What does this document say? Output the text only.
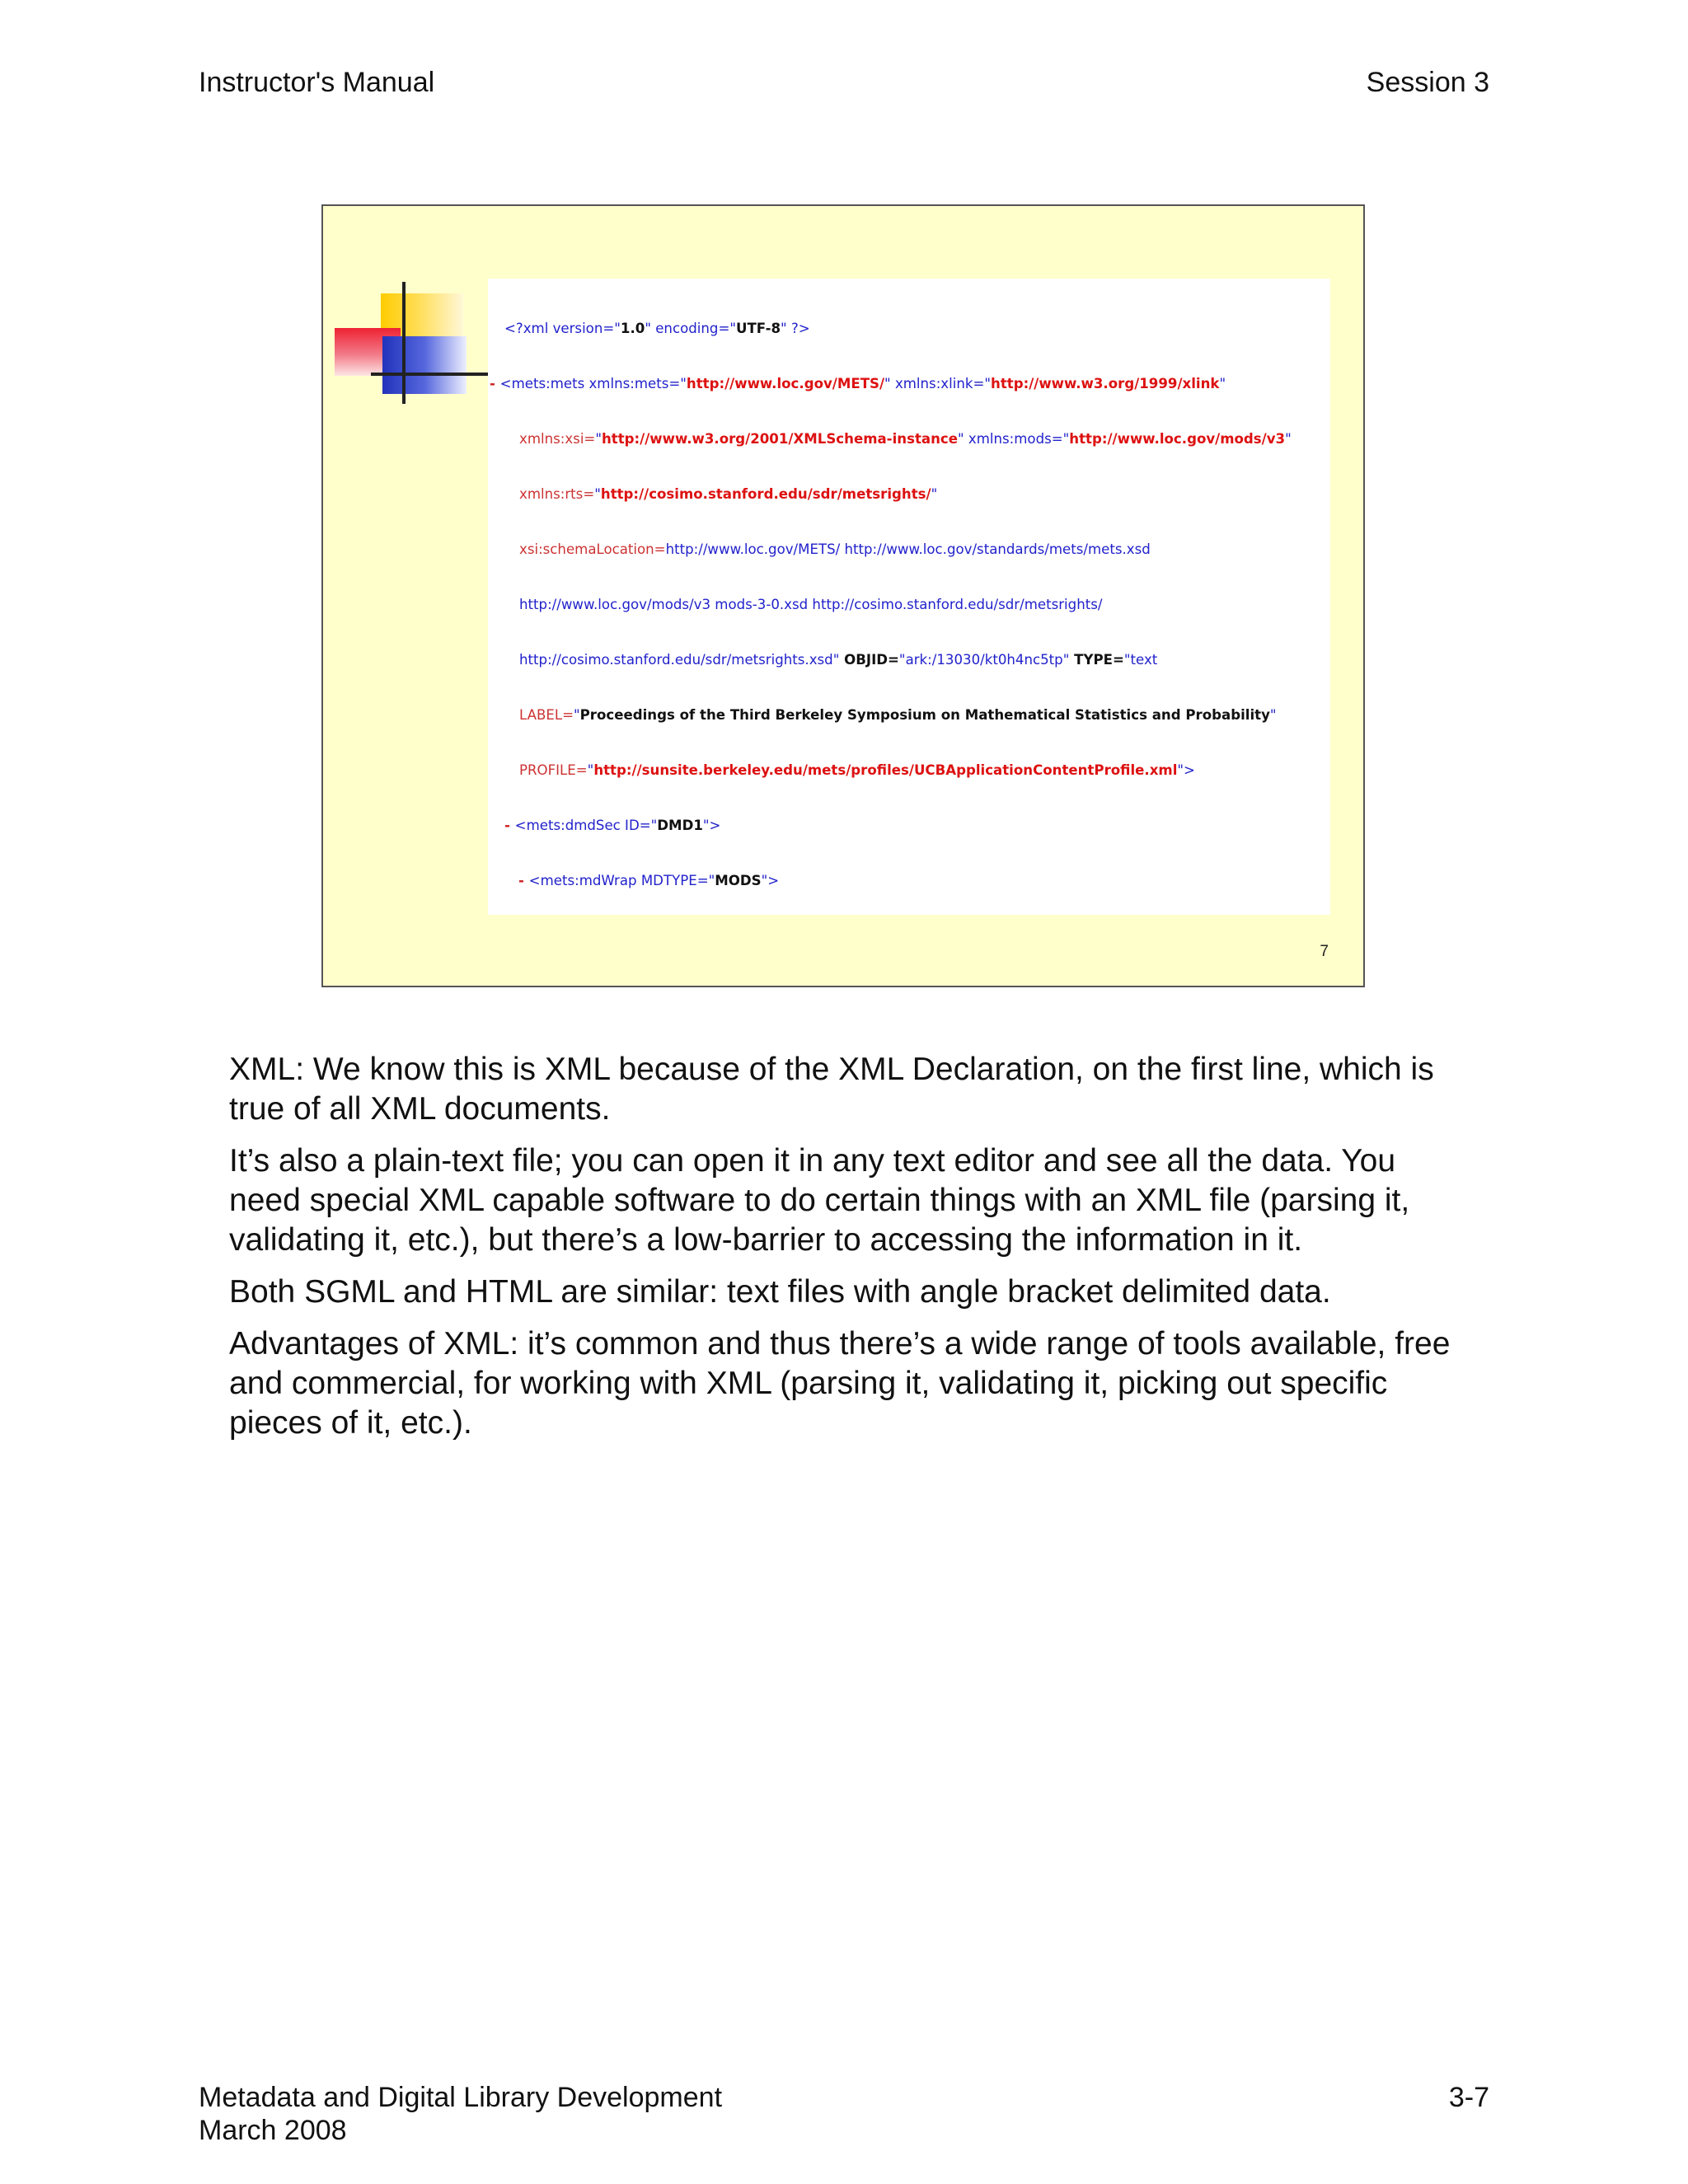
Instructor's Manual	Session 3

<?xml version="1.0" encoding="UTF-8" ?>

- <mets:mets xmlns:mets="http://www.loc.gov/METS/" xmlns:xlink="http://www.w3.org/1999/xlink"

xmlns:xsi="http://www.w3.org/2001/XMLSchema-instance" xmlns:mods="http://www.loc.gov/mods/v3"

xmlns:rts="http://cosimo.stanford.edu/sdr/metsrights/"

xsi:schemaLocation=http://www.loc.gov/METS/ http://www.loc.gov/standards/mets/mets.xsd

http://www.loc.gov/mods/v3 mods-3-0.xsd http://cosimo.stanford.edu/sdr/metsrights/

http://cosimo.stanford.edu/sdr/metsrights.xsd" OBJID="ark:/13030/kt0h4nc5tp" TYPE="text

LABEL="Proceedings of the Third Berkeley Symposium on Mathematical Statistics and Probability"

PROFILE="http://sunsite.berkeley.edu/mets/profiles/UCBApplicationContentProfile.xml">

- <mets:dmdSec ID="DMD1">

- <mets:mdWrap MDTYPE="MODS">

7

XML: We know this is XML because of the XML Declaration, on the first line, which is true of all XML documents.

It’s also a plain-text file; you can open it in any text editor and see all the data. You need special XML capable software to do certain things with an XML file (parsing it, validating it, etc.), but there’s a low-barrier to accessing the information in it.

Both SGML and HTML are similar: text files with angle bracket delimited data.

Advantages of XML: it’s common and thus there’s a wide range of tools available, free and commercial, for working with XML (parsing it, validating it, picking out specific pieces of it, etc.).

Metadata and Digital Library Development
March 2008
3-7
